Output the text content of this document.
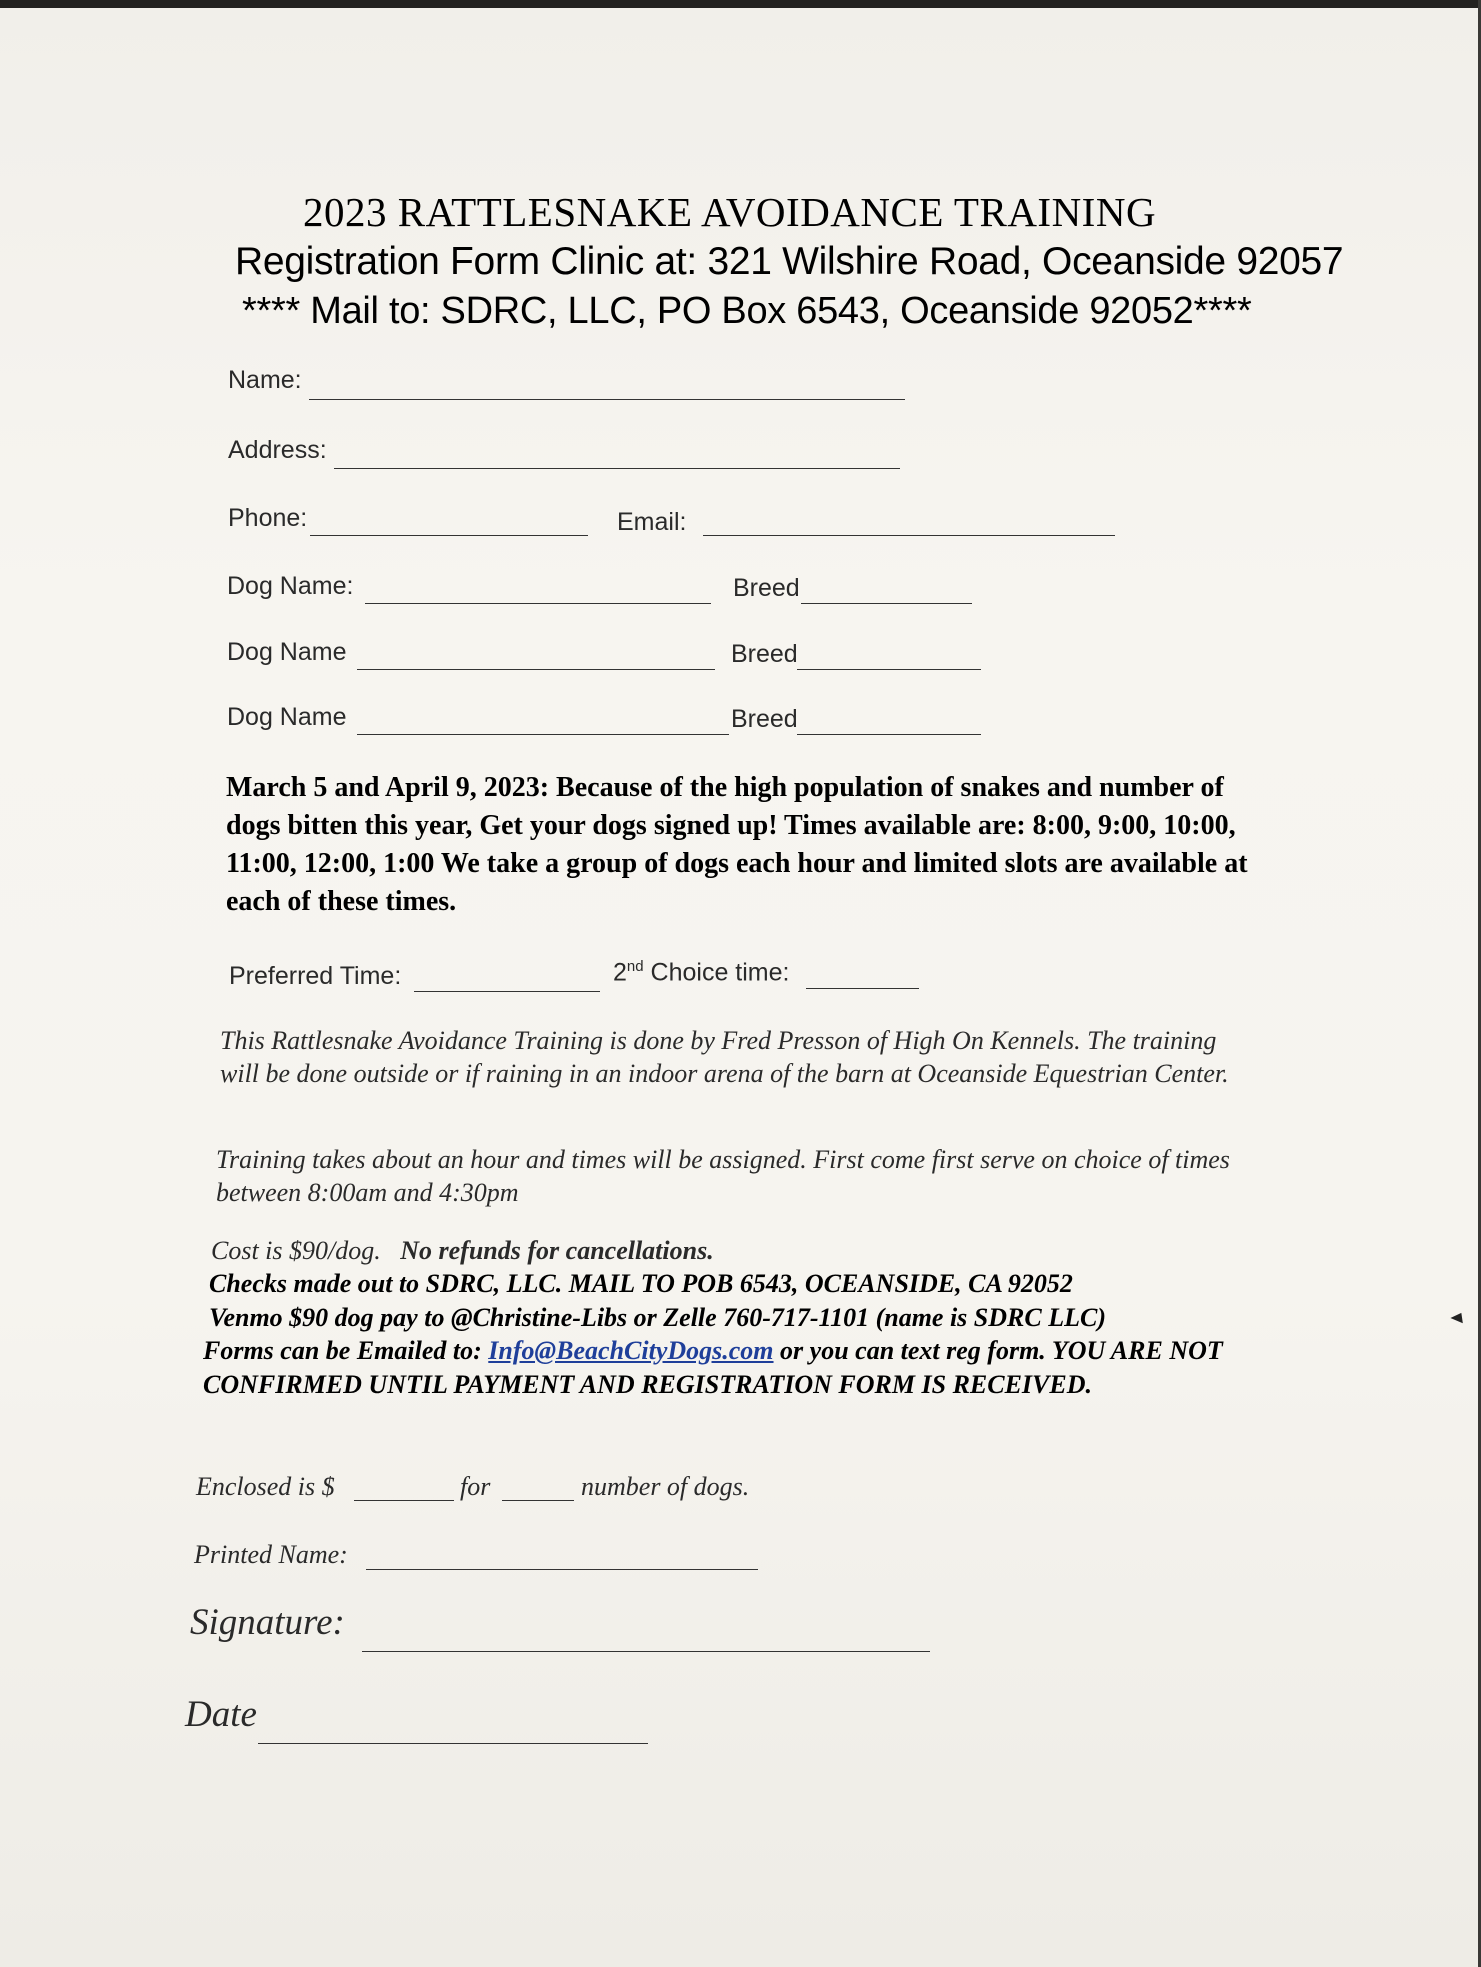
2023 RATTLESNAKE AVOIDANCE TRAINING
Registration Form Clinic at: 321 Wilshire Road, Oceanside 92057
**** Mail to: SDRC, LLC, PO Box 6543, Oceanside 92052****
Name:
Address:
Phone:	Email:
Dog Name:	Breed
Dog Name	Breed
Dog Name	Breed
March 5 and April 9, 2023: Because of the high population of snakes and number of dogs bitten this year, Get your dogs signed up! Times available are: 8:00, 9:00, 10:00, 11:00, 12:00, 1:00 We take a group of dogs each hour and limited slots are available at each of these times.
Preferred Time:	2nd Choice time:
This Rattlesnake Avoidance Training is done by Fred Presson of High On Kennels. The training will be done outside or if raining in an indoor arena of the barn at Oceanside Equestrian Center.
Training takes about an hour and times will be assigned. First come first serve on choice of times between 8:00am and 4:30pm
Cost is $90/dog.   No refunds for cancellations.
Checks made out to SDRC, LLC. MAIL TO POB 6543, OCEANSIDE, CA 92052
Venmo $90 dog pay to @Christine-Libs or Zelle 760-717-1101 (name is SDRC LLC)
Forms can be Emailed to: Info@BeachCityDogs.com or you can text reg form. YOU ARE NOT CONFIRMED UNTIL PAYMENT AND REGISTRATION FORM IS RECEIVED.
Enclosed is $	for	number of dogs.
Printed Name:
Signature:
Date
